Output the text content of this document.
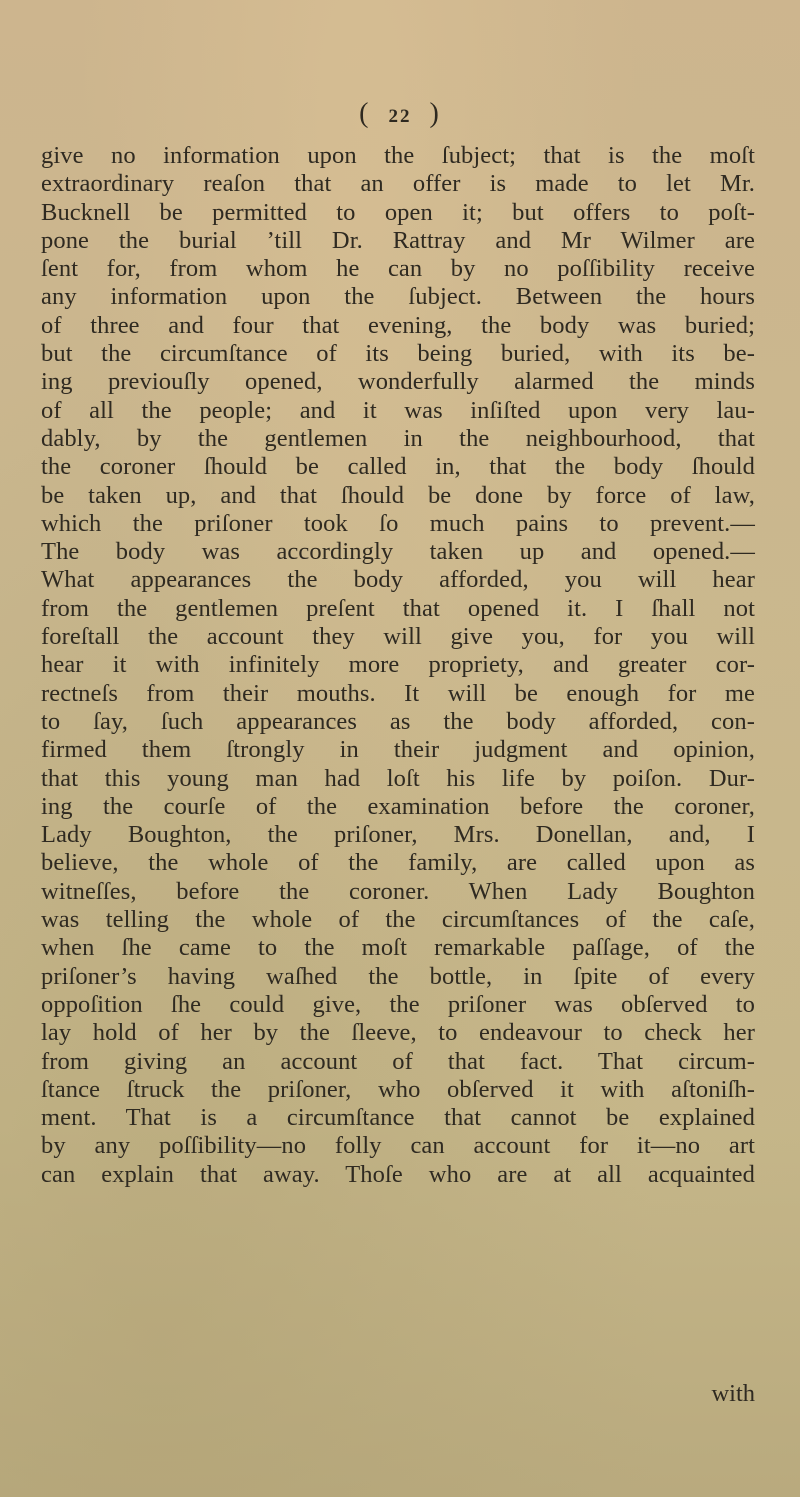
( 22 )
give no information upon the ſubject; that is the moſt
extraordinary reaſon that an offer is made to let Mr.
Bucknell be permitted to open it; but offers to poſt-
pone the burial ’till Dr. Rattray and Mr Wilmer are
ſent for, from whom he can by no poſſibility receive
any information upon the ſubject. Between the hours
of three and four that evening, the body was buried;
but the circumſtance of its being buried, with its be-
ing previouſly opened, wonderfully alarmed the minds
of all the people; and it was inſiſted upon very lau-
dably, by the gentlemen in the neighbourhood, that
the coroner ſhould be called in, that the body ſhould
be taken up, and that ſhould be done by force of law,
which the priſoner took ſo much pains to prevent.—
The body was accordingly taken up and opened.—
What appearances the body afforded, you will hear
from the gentlemen preſent that opened it. I ſhall not
foreſtall the account they will give you, for you will
hear it with infinitely more propriety, and greater cor-
rectneſs from their mouths. It will be enough for me
to ſay, ſuch appearances as the body afforded, con-
firmed them ſtrongly in their judgment and opinion,
that this young man had loſt his life by poiſon. Dur-
ing the courſe of the examination before the coroner,
Lady Boughton, the priſoner, Mrs. Donellan, and, I
believe, the whole of the family, are called upon as
witneſſes, before the coroner. When Lady Boughton
was telling the whole of the circumſtances of the caſe,
when ſhe came to the moſt remarkable paſſage, of the
priſoner’s having waſhed the bottle, in ſpite of every
oppoſition ſhe could give, the priſoner was obſerved to
lay hold of her by the ſleeve, to endeavour to check her
from giving an account of that fact. That circum-
ſtance ſtruck the priſoner, who obſerved it with aſtoniſh-
ment. That is a circumſtance that cannot be explained
by any poſſibility—no folly can account for it—no art
can explain that away. Thoſe who are at all acquainted
with
